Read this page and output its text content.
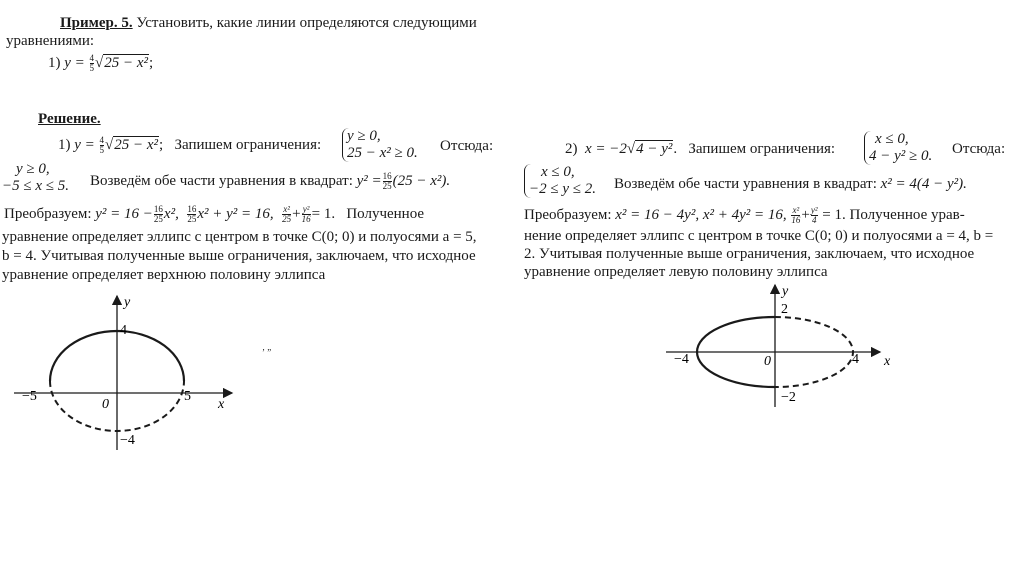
Пример. 5. Установить, какие линии определяются следующими
уравнениями:
1) $y = \frac{4}{5} √25 - x^2$;
Решение.
1) $y = \frac{4}{5} √25 - x^2$; Запишем ограничения:
y ≥ 0,
25 − x² ≥ 0. Отсюда:
y ≥ 0,
−5 ≤ x ≤ 5. Возведём обе части уравнения в квадрат: $y^2 = \frac{16}{25} (25 - x^2)$.
Преобразуем: $y^2 = 16 - \frac{16}{25} x^2$, $\frac{16}{25} x^2 + y^2 = 16$, $\frac{\text{x²}}{25} + \frac{\text{y²}}{16} = 1$. Полученное
уравнение определяет эллипс с центром в точке C(0; 0) и полуосями a = 5,
b = 4. Учитывая полученные выше ограничения, заключаем, что исходное
уравнение определяет верхнюю половину эллипса
2) x = −2√4 − y². Запишем ограничения:
x ≤ 0,
4 − y² ≥ 0. Отсюда:
x ≤ 0,
−2 ≤ y ≤ 2. Возведём обе части уравнения в квадрат: x² = 4(4 − y²).
Преобразуем: x² = 16 − 4y², x² + 4y² = 16, $\frac{\text{x²}}{16} + \frac{\text{y²}}{4} = 1$. Полученное урав-
нение определяет эллипс с центром в точке C(0; 0) и полуосями a = 4, b =
2. Учитывая полученные выше ограничения, заключаем, что исходное
уравнение определяет левую половину эллипса
‚ „
y
x
0
−5	5
4
−4
y
x
0
−4	4
2
−2
